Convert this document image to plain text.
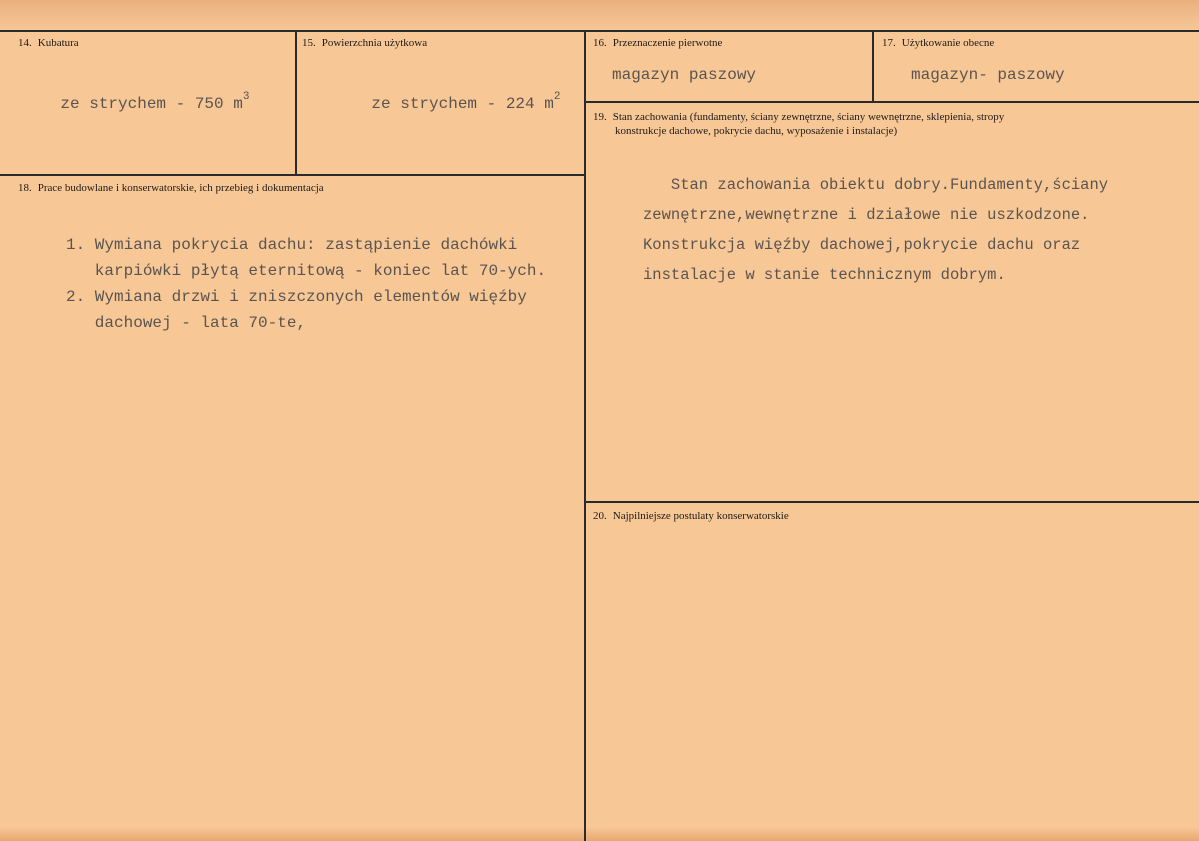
14. Kubatura

ze strychem - 750 $m^3$

15. Powierzchnia użytkowa

ze strychem - 224 $m^2$

16. Przeznaczenie pierwotne
magazyn paszowy
17. Użytkowanie obecne
magazyn- paszowy
18. Prace budowlane i konserwatorskie, ich przebieg i dokumentacja
1. Wymiana pokrycia dachu: zastąpienie dachówki
karpiówki płytą eternitową - koniec lat 70-ych.
2. Wymiana drzwi i zniszczonych elementów więźby
dachowej - lata 70-te,
19. Stan zachowania (fundamenty, ściany zewnętrzne, ściany wewnętrzne, sklepienia, stropy
konstrukcje dachowe, pokrycie dachu, wyposażenie i instalacje)
Stan zachowania obiektu dobry.Fundamenty,ściany
zewnętrzne,wewnętrzne i działowe nie uszkodzone.
Konstrukcja więźby dachowej,pokrycie dachu oraz
instalacje w stanie technicznym dobrym.
20. Najpilniejsze postulaty konserwatorskie
